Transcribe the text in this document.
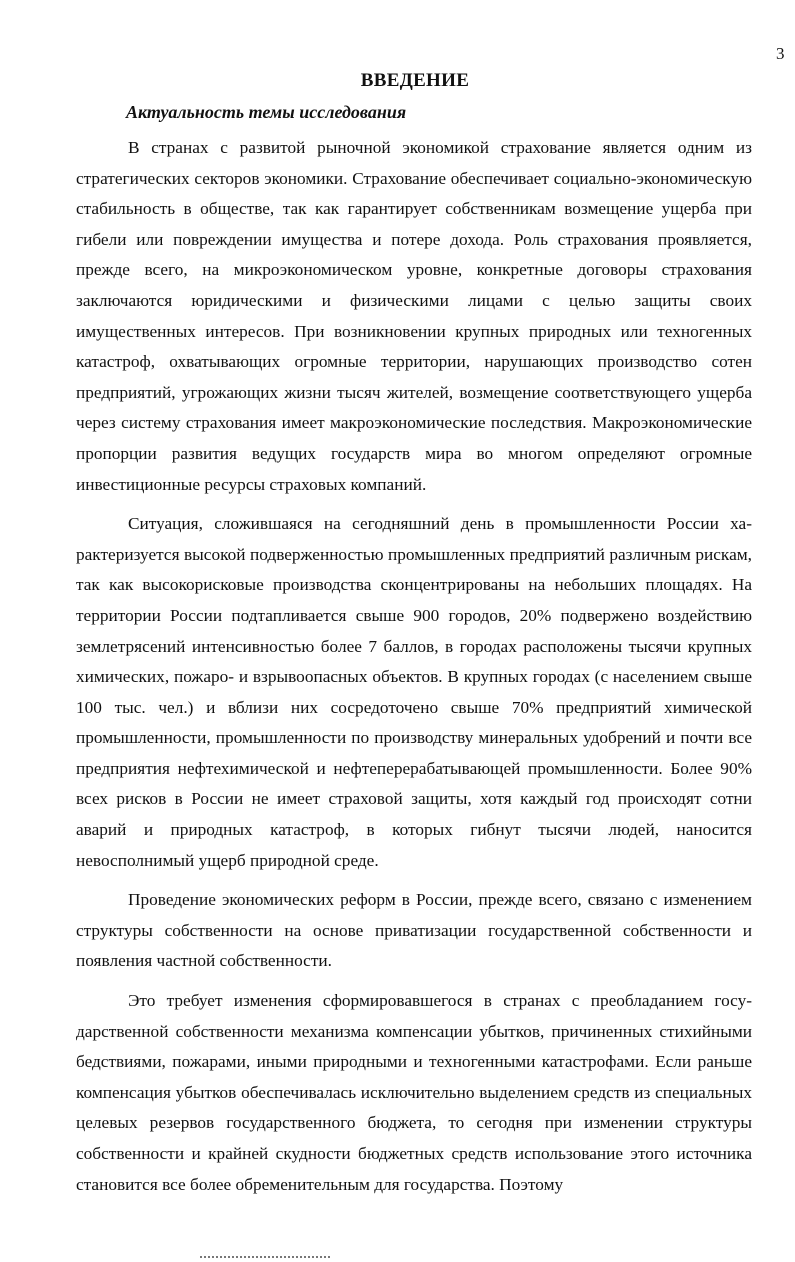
3
ВВЕДЕНИЕ
Актуальность темы исследования

В странах с развитой рыночной экономикой страхование является одним из стратегических секторов экономики. Страхование обеспечивает социально-экономическую стабильность в обществе, так как гарантирует собственникам возмещение ущерба при гибели или повреждении имущества и потере дохода. Роль страхования проявляется, прежде всего, на микроэкономическом уровне, конкретные договоры страхования заключаются юридическими и физическими лицами с целью защиты своих имущественных интересов. При возникновении крупных природных или техногенных катастроф, охватывающих огромные территории, нарушающих производство сотен предприятий, угрожающих жизни тысяч жителей, возмещение соответствующего ущерба через систему страхования имеет макроэкономические последствия. Макроэкономические пропорции развития ведущих государств мира во многом определяют огромные инвестиционные ресурсы страховых компаний.

Ситуация, сложившаяся на сегодняшний день в промышленности России характеризуется высокой подверженностью промышленных предприятий различным рискам, так как высокорисковые производства сконцентрированы на небольших площадях. На территории России подтапливается свыше 900 городов, 20% подвержено воздействию землетрясений интенсивностью более 7 баллов, в городах расположены тысячи крупных химических, пожаро- и взрывоопасных объектов. В крупных городах (с населением свыше 100 тыс. чел.) и вблизи них сосредоточено свыше 70% предприятий химической промышленности, промышленности по производству минеральных удобрений и почти все предприятия нефтехимической и нефтеперерабатывающей промышленности. Более 90% всех рисков в России не имеет страховой защиты, хотя каждый год происходят сотни аварий и природных катастроф, в которых гибнут тысячи людей, наносится невосполнимый ущерб природной среде.

Проведение экономических реформ в России, прежде всего, связано с изменением структуры собственности на основе приватизации государственной собственности и появления частной собственности.

Это требует изменения сформировавшегося в странах с преобладанием государственной собственности механизма компенсации убытков, причиненных стихийными бедствиями, пожарами, иными природными и техногенными катастрофами. Если раньше компенсация убытков обеспечивалась исключительно выделением средств из специальных целевых резервов государственного бюджета, то сегодня при изменении структуры собственности и крайней скудности бюджетных средств использование этого источника становится все более обременительным для государства. Поэтому
